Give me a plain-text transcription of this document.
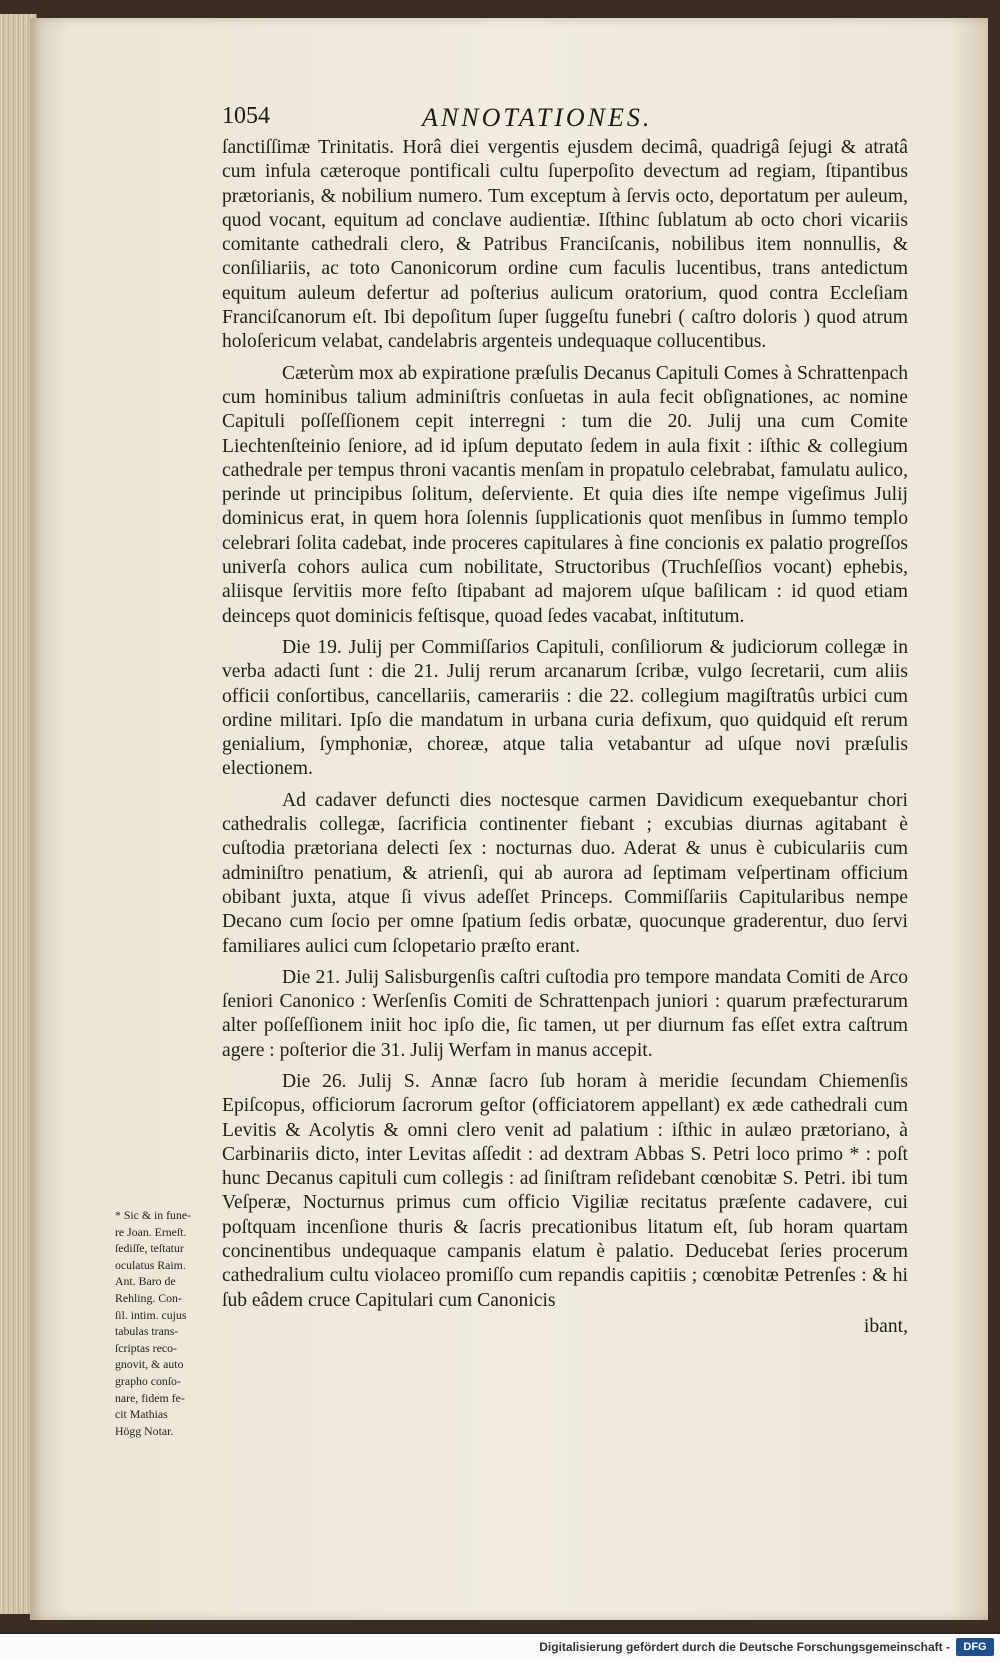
1054	ANNOTATIONES.

ſanctiſſimæ Trinitatis. Horâ diei vergentis ejusdem decimâ, quadrigâ ſejugi & atratâ cum infula cæteroque pontificali cultu ſuperpoſito devectum ad regiam, ſtipantibus prætorianis, & nobilium numero. Tum exceptum à ſervis octo, deportatum per auleum, quod vocant, equitum ad conclave audientiæ. Iſthinc ſublatum ab octo chori vicariis comitante cathedrali clero, & Patribus Franciſcanis, nobilibus item nonnullis, & conſiliariis, ac toto Canonicorum ordine cum faculis lucentibus, trans antedictum equitum auleum defertur ad poſterius aulicum oratorium, quod contra Eccleſiam Franciſcanorum eſt. Ibi depoſitum ſuper ſuggeſtu funebri ( caſtro doloris ) quod atrum holoſericum velabat, candelabris argenteis undequaque collucentibus.

Cæterùm mox ab expiratione præſulis Decanus Capituli Comes à Schrattenpach cum hominibus talium adminiſtris conſuetas in aula fecit obſignationes, ac nomine Capituli poſſeſſionem cepit interregni : tum die 20. Julij una cum Comite Liechtenſteinio ſeniore, ad id ipſum deputato ſedem in aula fixit : iſthic & collegium cathedrale per tempus throni vacantis menſam in propatulo celebrabat, famulatu aulico, perinde ut principibus ſolitum, deſerviente. Et quia dies iſte nempe vigeſimus Julij dominicus erat, in quem hora ſolennis ſupplicationis quot menſibus in ſummo templo celebrari ſolita cadebat, inde proceres capitulares à fine concionis ex palatio progreſſos univerſa cohors aulica cum nobilitate, Structoribus (Truchſeſſios vocant) ephebis, aliisque ſervitiis more feſto ſtipabant ad majorem uſque baſilicam : id quod etiam deinceps quot dominicis feſtisque, quoad ſedes vacabat, inſtitutum.

Die 19. Julij per Commiſſarios Capituli, conſiliorum & judiciorum collegæ in verba adacti ſunt : die 21. Julij rerum arcanarum ſcribæ, vulgo ſecretarii, cum aliis officii conſortibus, cancellariis, camerariis : die 22. collegium magiſtratûs urbici cum ordine militari. Ipſo die mandatum in urbana curia defixum, quo quidquid eſt rerum genialium, ſymphoniæ, choreæ, atque talia vetabantur ad uſque novi præſulis electionem.

Ad cadaver defuncti dies noctesque carmen Davidicum exequebantur chori cathedralis collegæ, ſacrificia continenter fiebant ; excubias diurnas agitabant è cuſtodia prætoriana delecti ſex : nocturnas duo. Aderat & unus è cubiculariis cum adminiſtro penatium, & atrienſi, qui ab aurora ad ſeptimam veſpertinam officium obibant juxta, atque ſi vivus adeſſet Princeps. Commiſſariis Capitularibus nempe Decano cum ſocio per omne ſpatium ſedis orbatæ, quocunque graderentur, duo ſervi familiares aulici cum ſclopetario præſto erant.

Die 21. Julij Salisburgenſis caſtri cuſtodia pro tempore mandata Comiti de Arco ſeniori Canonico : Werſenſis Comiti de Schrattenpach juniori : quarum præfecturarum alter poſſeſſionem iniit hoc ipſo die, ſic tamen, ut per diurnum fas eſſet extra caſtrum agere : poſterior die 31. Julij Werfam in manus accepit.

Die 26. Julij S. Annæ ſacro ſub horam à meridie ſecundam Chiemenſis Epiſcopus, officiorum ſacrorum geſtor (officiatorem appellant) ex æde cathedrali cum Levitis & Acolytis & omni clero venit ad palatium : iſthic in aulæo prætoriano, à Carbinariis dicto, inter Levitas aſſedit : ad dextram Abbas S. Petri loco primo * : poſt hunc Decanus capituli cum collegis : ad ſiniſtram reſidebant cœnobitæ S. Petri. ibi tum Veſperæ, Nocturnus primus cum officio Vigiliæ recitatus præſente cadavere, cui poſtquam incenſione thuris & ſacris precationibus litatum eſt, ſub horam quartam concinentibus undequaque campanis elatum è palatio. Deducebat ſeries procerum cathedralium cultu violaceo promiſſo cum repandis capitiis ; cœnobitæ Petrenſes : & hi ſub eâdem cruce Capitulari cum Canonicis

ibant,

* Sic & in fune-
re Joan. Erneſt.
ſediſſe, teſtatur
oculatus Raim.
Ant. Baro de
Rehling. Con-
ſil. intim. cujus
tabulas trans-
ſcriptas reco-
gnovit, & auto
grapho conſo-
nare, fidem fe-
cit Mathias
Högg Notar.
Digitalisierung gefördert durch die Deutsche Forschungsgemeinschaft -	DFG
